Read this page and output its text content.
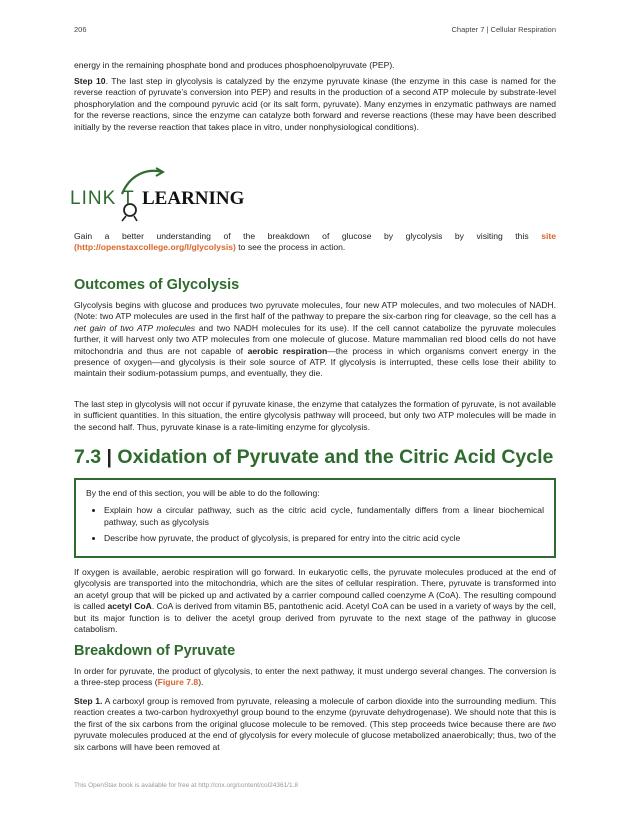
206	Chapter 7 | Cellular Respiration

energy in the remaining phosphate bond and produces phosphoenolpyruvate (PEP).

Step 10. The last step in glycolysis is catalyzed by the enzyme pyruvate kinase (the enzyme in this case is named for the reverse reaction of pyruvate’s conversion into PEP) and results in the production of a second ATP molecule by substrate-level phosphorylation and the compound pyruvic acid (or its salt form, pyruvate). Many enzymes in enzymatic pathways are named for the reverse reactions, since the enzyme can catalyze both forward and reverse reactions (these may have been described initially by the reverse reaction that takes place in vitro, under nonphysiological conditions).

LINK T LEARNING

Gain a better understanding of the breakdown of glucose by glycolysis by visiting this site (http://openstaxcollege.org/l/glycolysis) to see the process in action.

Outcomes of Glycolysis

Glycolysis begins with glucose and produces two pyruvate molecules, four new ATP molecules, and two molecules of NADH. (Note: two ATP molecules are used in the first half of the pathway to prepare the six-carbon ring for cleavage, so the cell has a net gain of two ATP molecules and two NADH molecules for its use). If the cell cannot catabolize the pyruvate molecules further, it will harvest only two ATP molecules from one molecule of glucose. Mature mammalian red blood cells do not have mitochondria and thus are not capable of aerobic respiration—the process in which organisms convert energy in the presence of oxygen—and glycolysis is their sole source of ATP. If glycolysis is interrupted, these cells lose their ability to maintain their sodium-potassium pumps, and eventually, they die.

The last step in glycolysis will not occur if pyruvate kinase, the enzyme that catalyzes the formation of pyruvate, is not available in sufficient quantities. In this situation, the entire glycolysis pathway will proceed, but only two ATP molecules will be made in the second half. Thus, pyruvate kinase is a rate-limiting enzyme for glycolysis.

7.3 | Oxidation of Pyruvate and the Citric Acid Cycle

By the end of this section, you will be able to do the following:

• Explain how a circular pathway, such as the citric acid cycle, fundamentally differs from a linear biochemical pathway, such as glycolysis
• Describe how pyruvate, the product of glycolysis, is prepared for entry into the citric acid cycle

If oxygen is available, aerobic respiration will go forward. In eukaryotic cells, the pyruvate molecules produced at the end of glycolysis are transported into the mitochondria, which are the sites of cellular respiration. There, pyruvate is transformed into an acetyl group that will be picked up and activated by a carrier compound called coenzyme A (CoA). The resulting compound is called acetyl CoA. CoA is derived from vitamin B5, pantothenic acid. Acetyl CoA can be used in a variety of ways by the cell, but its major function is to deliver the acetyl group derived from pyruvate to the next stage of the pathway in glucose catabolism.

Breakdown of Pyruvate

In order for pyruvate, the product of glycolysis, to enter the next pathway, it must undergo several changes. The conversion is a three-step process (Figure 7.8).

Step 1. A carboxyl group is removed from pyruvate, releasing a molecule of carbon dioxide into the surrounding medium. This reaction creates a two-carbon hydroxyethyl group bound to the enzyme (pyruvate dehydrogenase). We should note that this is the first of the six carbons from the original glucose molecule to be removed. (This step proceeds twice because there are two pyruvate molecules produced at the end of glycolysis for every molecule of glucose metabolized anaerobically; thus, two of the six carbons will have been removed at

This OpenStax book is available for free at http://cnx.org/content/col24361/1.8
